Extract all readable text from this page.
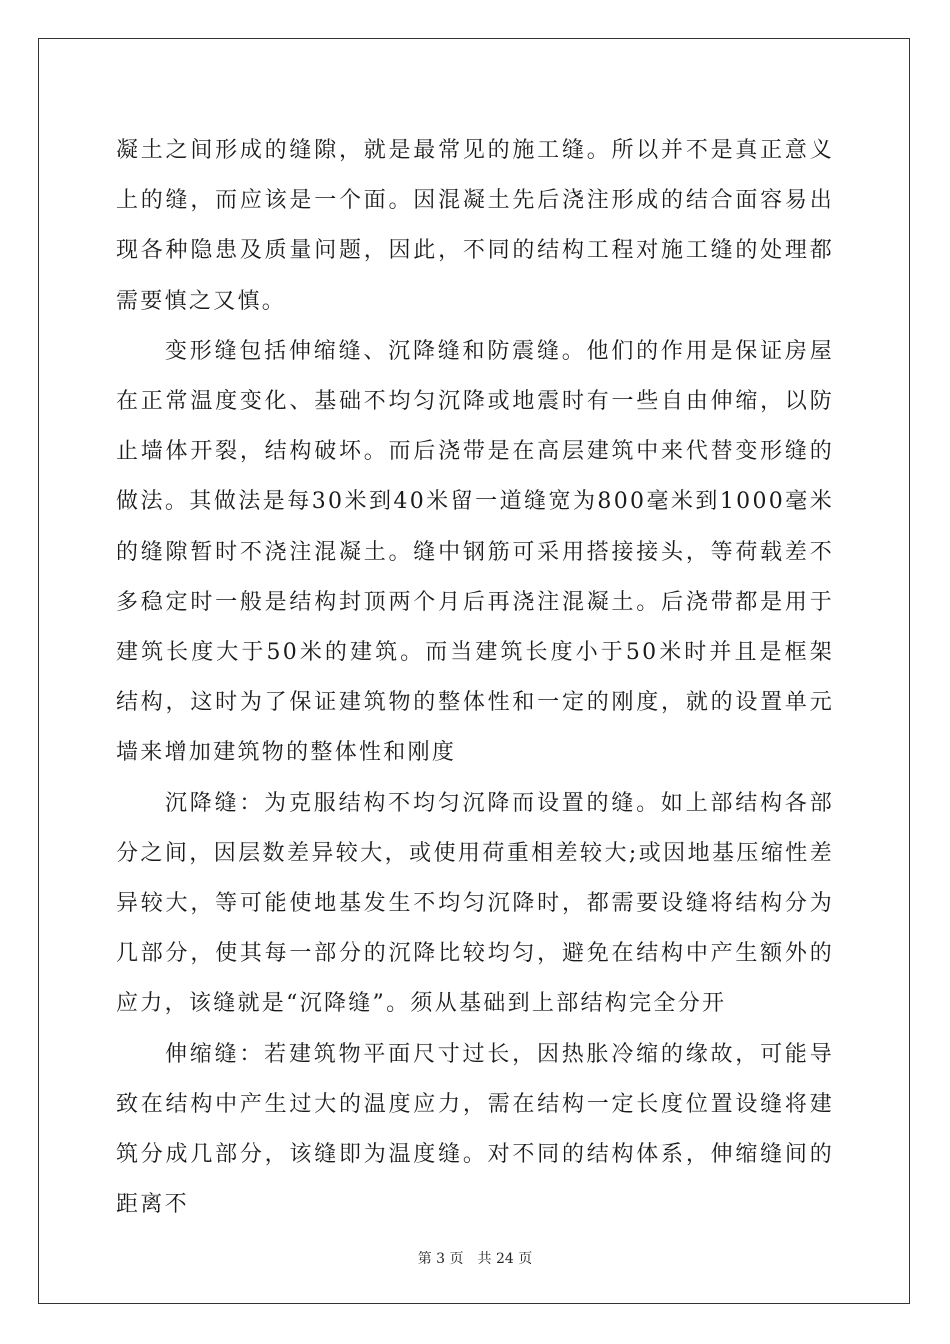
凝土之间形成的缝隙，就是最常见的施工缝。所以并不是真正意义上的缝，而应该是一个面。因混凝土先后浇注形成的结合面容易出现各种隐患及质量问题，因此，不同的结构工程对施工缝的处理都需要慎之又慎。

变形缝包括伸缩缝、沉降缝和防震缝。他们的作用是保证房屋在正常温度变化、基础不均匀沉降或地震时有一些自由伸缩，以防止墙体开裂，结构破坏。而后浇带是在高层建筑中来代替变形缝的做法。其做法是每30米到40米留一道缝宽为800毫米到1000毫米的缝隙暂时不浇注混凝土。缝中钢筋可采用搭接接头，等荷载差不多稳定时一般是结构封顶两个月后再浇注混凝土。后浇带都是用于建筑长度大于50米的建筑。而当建筑长度小于50米时并且是框架结构，这时为了保证建筑物的整体性和一定的刚度，就的设置单元墙来增加建筑物的整体性和刚度

沉降缝：为克服结构不均匀沉降而设置的缝。如上部结构各部分之间，因层数差异较大，或使用荷重相差较大;或因地基压缩性差异较大，等可能使地基发生不均匀沉降时，都需要设缝将结构分为几部分，使其每一部分的沉降比较均匀，避免在结构中产生额外的应力，该缝就是“沉降缝”。须从基础到上部结构完全分开

伸缩缝：若建筑物平面尺寸过长，因热胀冷缩的缘故，可能导致在结构中产生过大的温度应力，需在结构一定长度位置设缝将建筑分成几部分，该缝即为温度缝。对不同的结构体系，伸缩缝间的距离不

第 3 页 共 24 页
